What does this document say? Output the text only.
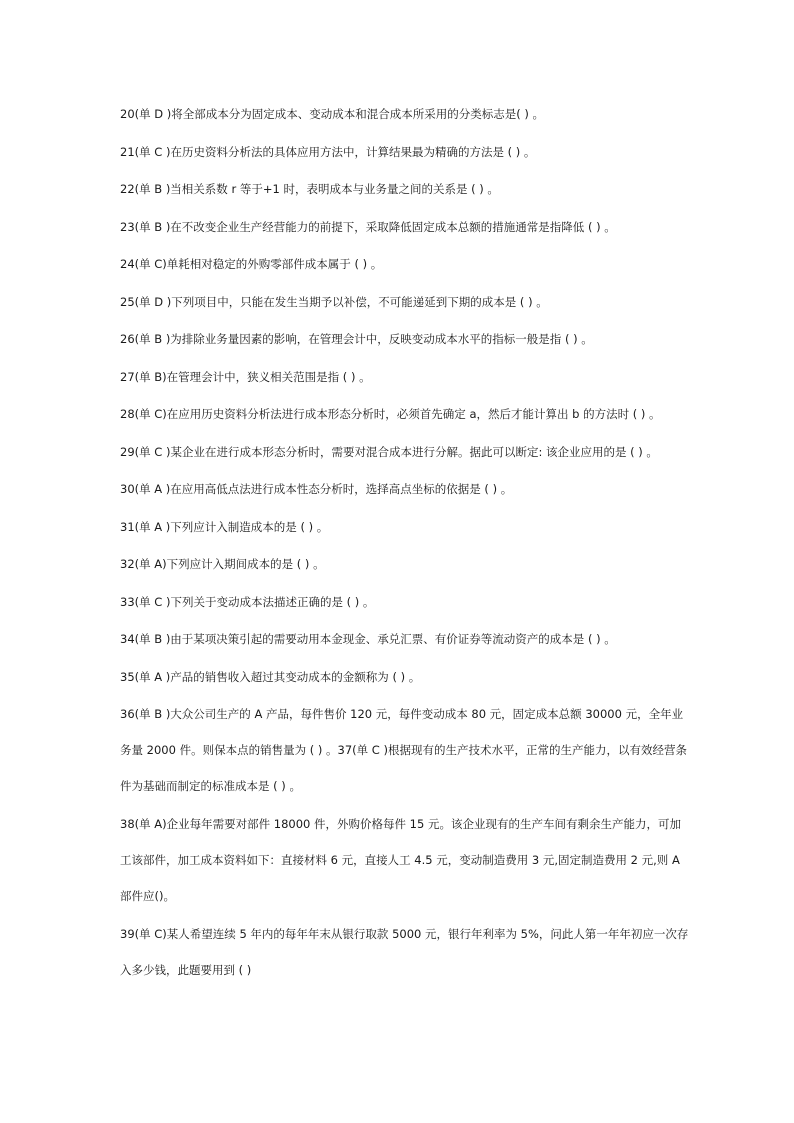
20(单 D )将全部成本分为固定成本、变动成本和混合成本所采用的分类标志是( ) 。

21(单 C )在历史资料分析法的具体应用方法中，计算结果最为精确的方法是 ( ) 。

22(单 B )当相关系数 r 等于+1 时，表明成本与业务量之间的关系是 ( ) 。

23(单 B )在不改变企业生产经营能力的前提下，采取降低固定成本总额的措施通常是指降低 ( ) 。

24(单 C)单耗相对稳定的外购零部件成本属于 ( ) 。

25(单 D )下列项目中，只能在发生当期予以补偿，不可能递延到下期的成本是 ( ) 。

26(单 B )为排除业务量因素的影响，在管理会计中，反映变动成本水平的指标一般是指 ( ) 。

27(单 B)在管理会计中，狭义相关范围是指 ( ) 。

28(单 C)在应用历史资料分析法进行成本形态分析时，必须首先确定 a，然后才能计算出 b 的方法时 ( ) 。

29(单 C )某企业在进行成本形态分析时，需要对混合成本进行分解。据此可以断定: 该企业应用的是 ( ) 。

30(单 A )在应用高低点法进行成本性态分析时，选择高点坐标的依据是 ( ) 。

31(单 A )下列应计入制造成本的是 ( ) 。

32(单 A)下列应计入期间成本的是 ( ) 。

33(单 C )下列关于变动成本法描述正确的是 ( ) 。

34(单 B )由于某项决策引起的需要动用本金现金、承兑汇票、有价证券等流动资产的成本是 ( ) 。

35(单 A )产品的销售收入超过其变动成本的金额称为 ( ) 。

36(单 B )大众公司生产的 A 产品，每件售价 120 元，每件变动成本 80 元，固定成本总额 30000 元，全年业务量 2000 件。则保本点的销售量为 ( ) 。37(单 C )根据现有的生产技术水平，正常的生产能力，以有效经营条件为基础而制定的标准成本是 ( ) 。

38(单 A)企业每年需要对部件 18000 件，外购价格每件 15 元。该企业现有的生产车间有剩余生产能力，可加工该部件，加工成本资料如下：直接材料 6 元，直接人工 4.5 元，变动制造费用 3 元,固定制造费用 2 元,则 A 部件应()。

39(单 C)某人希望连续 5 年内的每年年末从银行取款 5000 元，银行年利率为 5%，问此人第一年年初应一次存入多少钱，此题要用到 ( )
